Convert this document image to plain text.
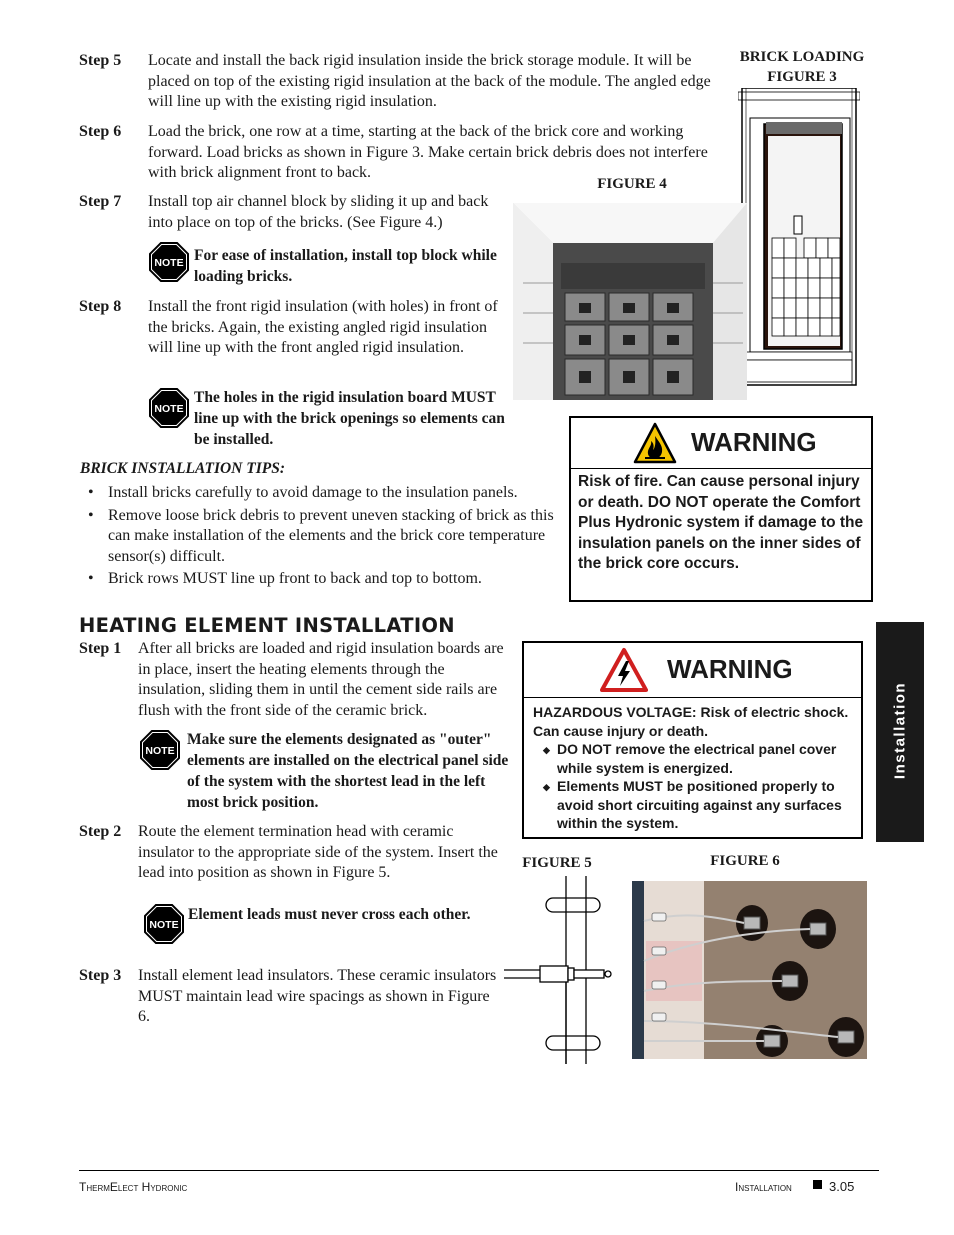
Step 5 Locate and install the back rigid insulation inside the brick storage module. It will be placed on top of the existing rigid insulation at the back of the module. The angled edge will line up with the existing rigid insulation.
Step 6 Load the brick, one row at a time, starting at the back of the brick core and working forward. Load bricks as shown in Figure 3. Make certain brick debris does not interfere with brick alignment front to back.
Step 7 Install top air channel block by sliding it up and back into place on top of the bricks. (See Figure 4.)
NOTE For ease of installation, install top block while loading bricks.
Step 8 Install the front rigid insulation (with holes) in front of the bricks. Again, the existing angled rigid insulation will line up with the front angled rigid insulation.
NOTE
The holes in the rigid insulation board MUST line up with the brick openings so elements can be installed.
BRICK INSTALLATION TIPS:
• Install bricks carefully to avoid damage to the insulation panels.
• Remove loose brick debris to prevent uneven stacking of brick as this can make installation of the elements and the brick core temperature sensor(s) difficult.
• Brick rows MUST line up front to back and top to bottom.
BRICK LOADING
FIGURE 3
FIGURE 4
WARNING
Risk of fire. Can cause personal injury or death. DO NOT operate the Comfort Plus Hydronic system if damage to the insulation panels on the inner sides of the brick core occurs.
HEATING ELEMENT INSTALLATION
Step 1 After all bricks are loaded and rigid insulation boards are in place, insert the heating elements through the insulation, sliding them in until the cement side rails are flush with the front side of the ceramic brick.
NOTE
Make sure the elements designated as "outer" elements are installed on the electrical panel side of the system with the shortest lead in the left most brick position.
Step 2 Route the element termination head with ceramic insulator to the appropriate side of the system. Insert the lead into position as shown in Figure 5.
NOTE
Element leads must never cross each other.
Step 3 Install element lead insulators. These ceramic insulators MUST maintain lead wire spacings as shown in Figure 6.
WARNING
HAZARDOUS VOLTAGE: Risk of electric shock. Can cause injury or death.
◆ DO NOT remove the electrical panel cover while system is energized.
◆ Elements MUST be positioned properly to avoid short circuiting against any surfaces within the system.
FIGURE 5	FIGURE 6
Installation
ThermElect Hydronic	Installation	3.05
